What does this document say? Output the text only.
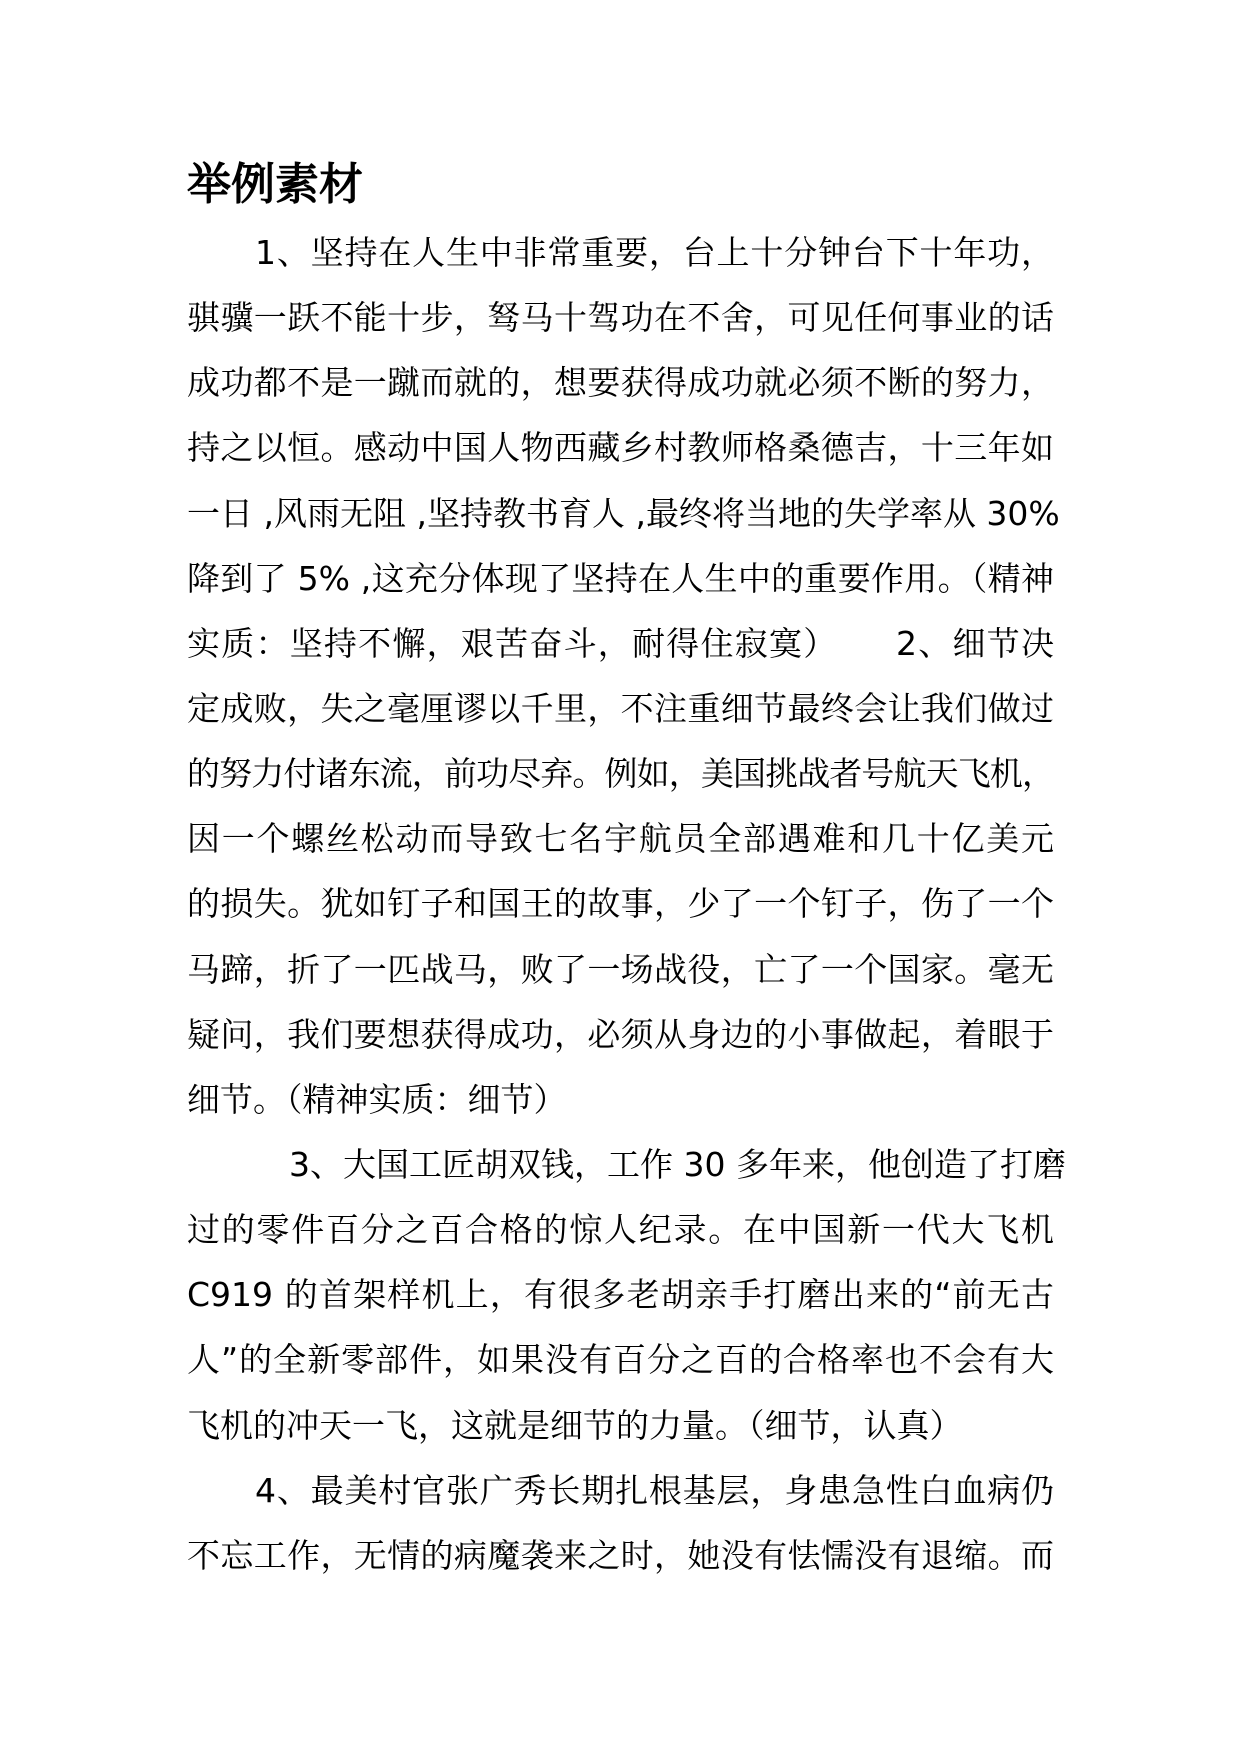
举例素材
1、坚持在人生中非常重要，台上十分钟台下十年功，
骐骥一跃不能十步，驽马十驾功在不舍，可见任何事业的话
成功都不是一蹴而就的，想要获得成功就必须不断的努力，
持之以恒。感动中国人物西藏乡村教师格桑德吉，十三年如
一日 ,风雨无阻 ,坚持教书育人 ,最终将当地的失学率从 30%
降到了 5% ,这充分体现了坚持在人生中的重要作用。（精神
实质：坚持不懈，艰苦奋斗，耐得住寂寞）     2、细节决
定成败，失之毫厘谬以千里，不注重细节最终会让我们做过
的努力付诸东流，前功尽弃。例如，美国挑战者号航天飞机，
因一个螺丝松动而导致七名宇航员全部遇难和几十亿美元
的损失。犹如钉子和国王的故事，少了一个钉子，伤了一个
马蹄，折了一匹战马，败了一场战役，亡了一个国家。毫无
疑问，我们要想获得成功，必须从身边的小事做起，着眼于
细节。（精神实质：细节）
3、大国工匠胡双钱，工作 30 多年来，他创造了打磨
过的零件百分之百合格的惊人纪录。在中国新一代大飞机
C919 的首架样机上，有很多老胡亲手打磨出来的“前无古
人”的全新零部件，如果没有百分之百的合格率也不会有大
飞机的冲天一飞，这就是细节的力量。（细节，认真）
4、最美村官张广秀长期扎根基层，身患急性白血病仍
不忘工作，无情的病魔袭来之时，她没有怯懦没有退缩。而
